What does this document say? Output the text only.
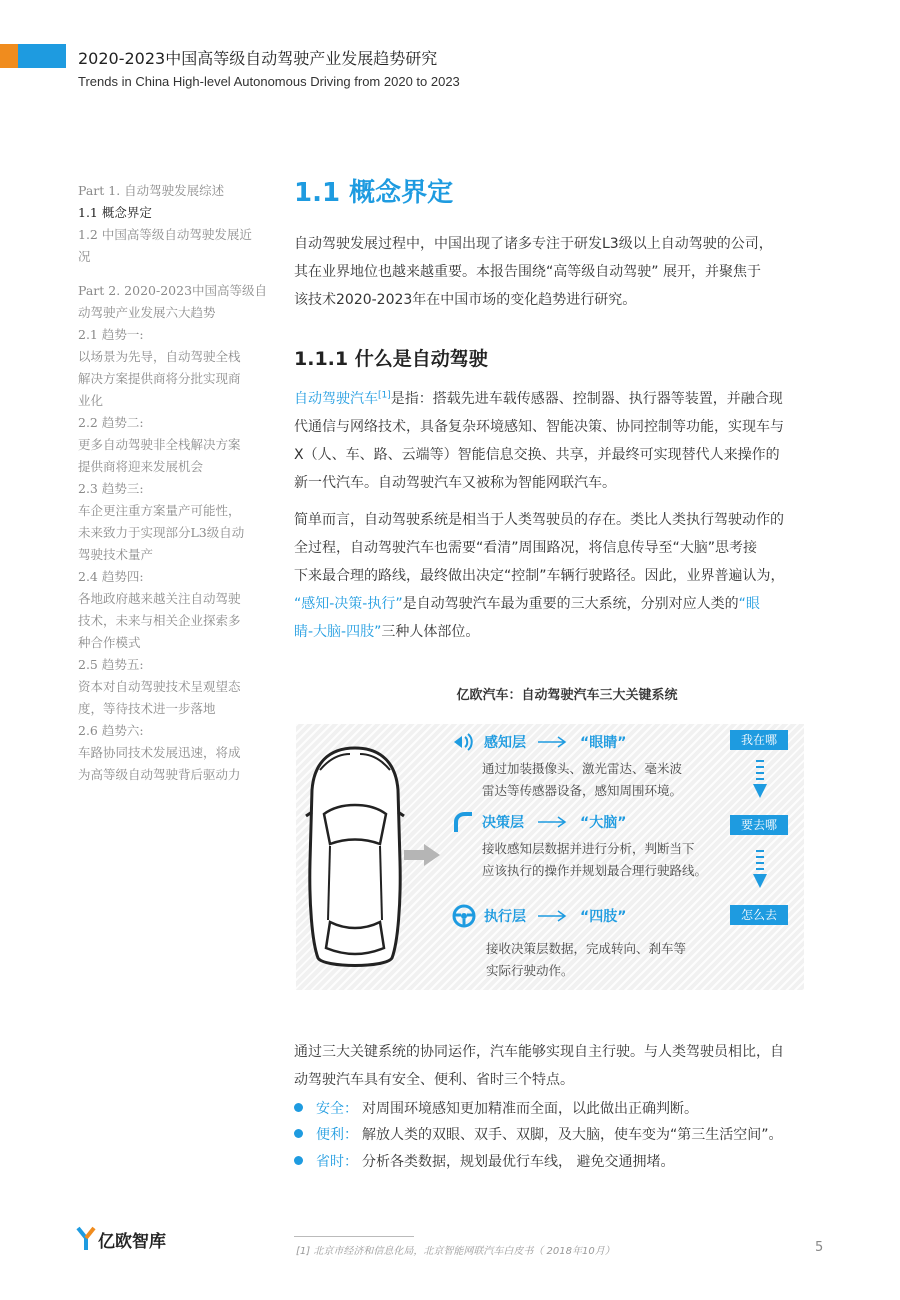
2020-2023中国高等级自动驾驶产业发展趋势研究
Trends in China High-level Autonomous Driving from 2020 to 2023
Part 1. 自动驾驶发展综述
1.1 概念界定
1.2 中国高等级自动驾驶发展近
况
Part 2. 2020-2023中国高等级自
动驾驶产业发展六大趋势
2.1 趋势一:
以场景为先导，自动驾驶全栈
解决方案提供商将分批实现商
业化
2.2 趋势二:
更多自动驾驶非全栈解决方案
提供商将迎来发展机会
2.3 趋势三:
车企更注重方案量产可能性，
未来致力于实现部分L3级自动
驾驶技术量产
2.4 趋势四:
各地政府越来越关注自动驾驶
技术，未来与相关企业探索多
种合作模式
2.5 趋势五:
资本对自动驾驶技术呈观望态
度，等待技术进一步落地
2.6 趋势六:
车路协同技术发展迅速，将成
为高等级自动驾驶背后驱动力
1.1 概念界定
自动驾驶发展过程中，中国出现了诸多专注于研发L3级以上自动驾驶的公司，
其在业界地位也越来越重要。本报告围绕“高等级自动驾驶” 展开，并聚焦于
该技术2020-2023年在中国市场的变化趋势进行研究。
1.1.1 什么是自动驾驶
自动驾驶汽车[1]是指：搭载先进车载传感器、控制器、执行器等装置，并融合现
代通信与网络技术，具备复杂环境感知、智能决策、协同控制等功能，实现车与
X（人、车、路、云端等）智能信息交换、共享，并最终可实现替代人来操作的
新一代汽车。自动驾驶汽车又被称为智能网联汽车。
简单而言，自动驾驶系统是相当于人类驾驶员的存在。类比人类执行驾驶动作的
全过程，自动驾驶汽车也需要“看清”周围路况，将信息传导至“大脑”思考接
下来最合理的路线，最终做出决定“控制”车辆行驶路径。因此，业界普遍认为，
“感知-决策-执行”是自动驾驶汽车最为重要的三大系统，分别对应人类的“眼
睛-大脑-四肢”三种人体部位。
亿欧汽车：自动驾驶汽车三大关键系统
感知层	“眼睛”
通过加装摄像头、激光雷达、毫米波
雷达等传感器设备，感知周围环境。
我在哪
决策层	“大脑”
接收感知层数据并进行分析，判断当下
应该执行的操作并规划最合理行驶路线。
要去哪
执行层	“四肢”
接收决策层数据，完成转向、刹车等
实际行驶动作。
怎么去
通过三大关键系统的协同运作，汽车能够实现自主行驶。与人类驾驶员相比，自
动驾驶汽车具有安全、便利、省时三个特点。
安全： 对周围环境感知更加精准而全面，以此做出正确判断。
便利： 解放人类的双眼、双手、双脚，及大脑，使车变为“第三生活空间”。
省时： 分析各类数据，规划最优行车线， 避免交通拥堵。
亿欧智库	[1] 北京市经济和信息化局，北京智能网联汽车白皮书（ 2018年10月）	5
